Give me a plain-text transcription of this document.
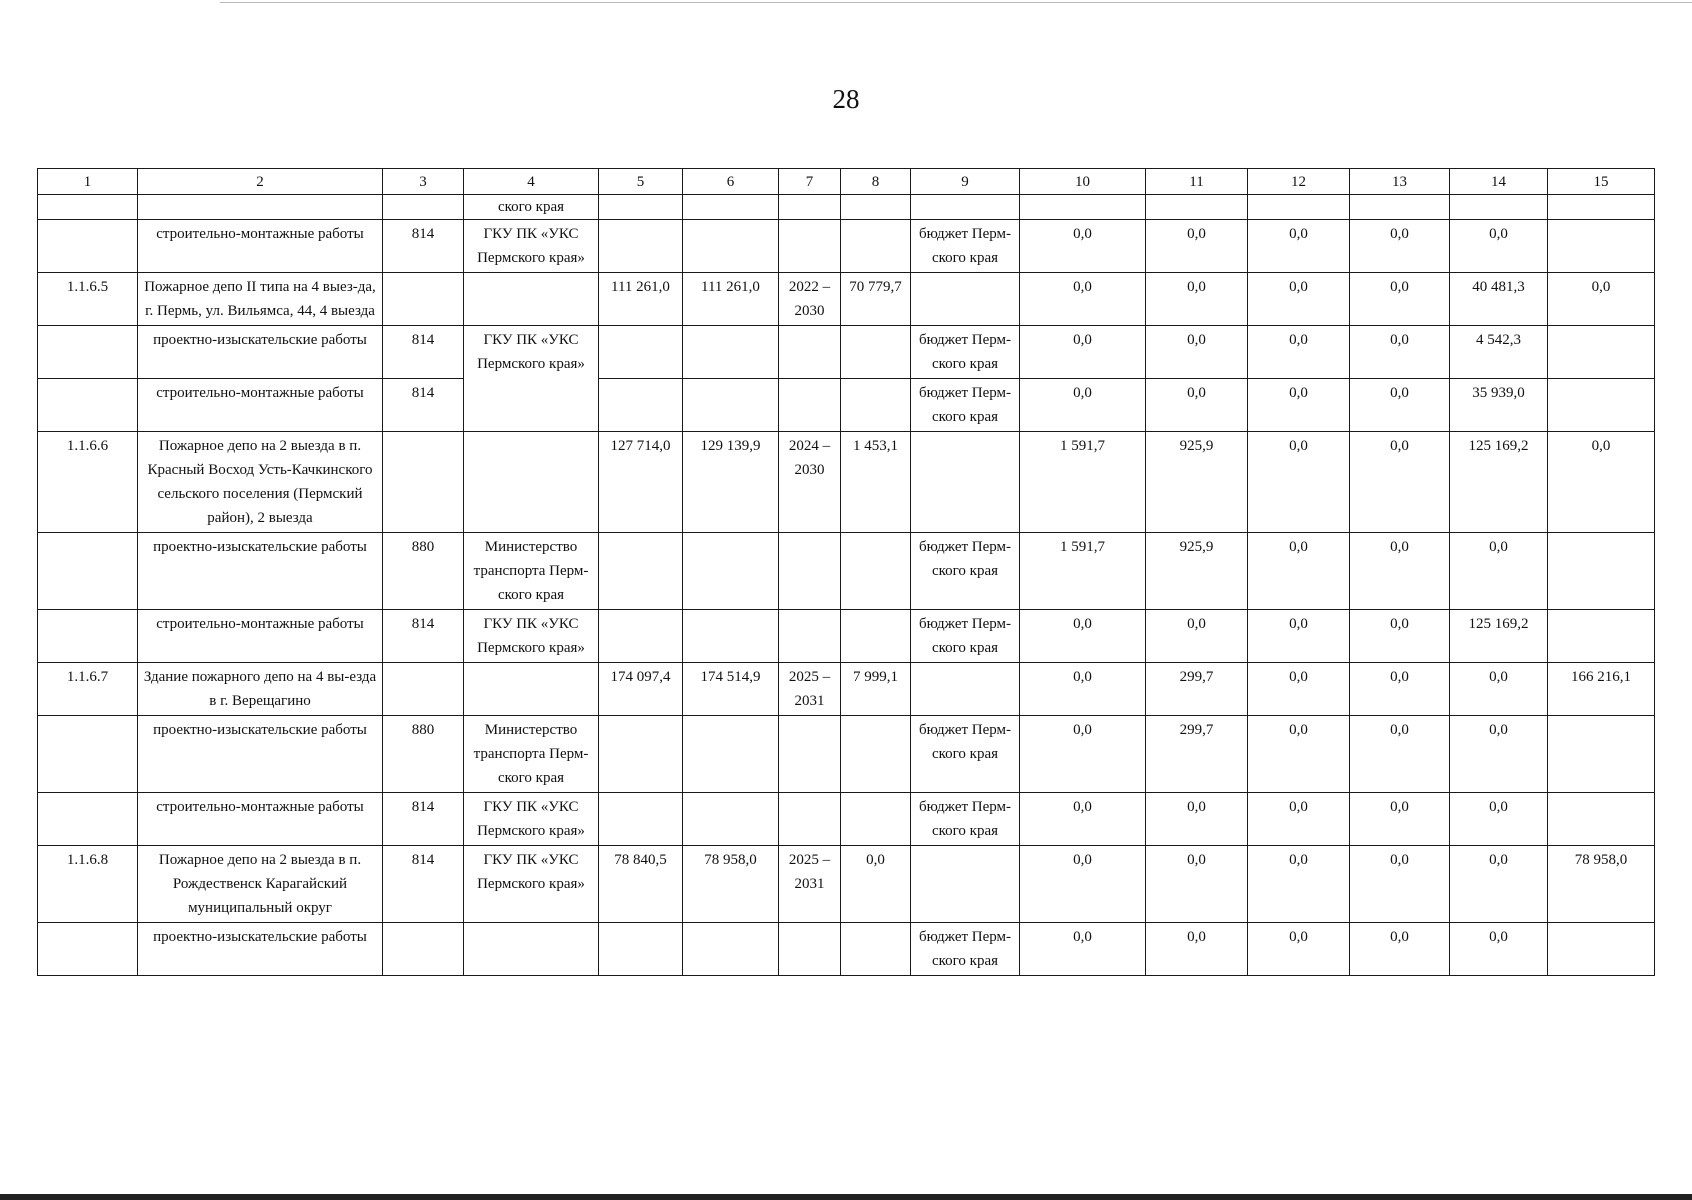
28
1	2	3	4	5	6	7	8	9	10	11	12	13	14	15
			ского края											
	строительно-монтажные работы	814	ГКУ ПК «УКС Пермского края»					бюджет Перм-ского края	0,0	0,0	0,0	0,0	0,0	
1.1.6.5	Пожарное депо II типа на 4 выез-да, г. Пермь, ул. Вильямса, 44, 4 выезда			111 261,0	111 261,0	2022 – 2030	70 779,7		0,0	0,0	0,0	0,0	40 481,3	0,0
	проектно-изыскательские работы	814	ГКУ ПК «УКС Пермского края»					бюджет Перм-ского края	0,0	0,0	0,0	0,0	4 542,3	
	строительно-монтажные работы	814						бюджет Перм-ского края	0,0	0,0	0,0	0,0	35 939,0	
1.1.6.6	Пожарное депо на 2 выезда в п. Красный Восход Усть-Качкинского сельского поселения (Пермский район), 2 выезда			127 714,0	129 139,9	2024 – 2030	1 453,1		1 591,7	925,9	0,0	0,0	125 169,2	0,0
	проектно-изыскательские работы	880	Министерство транспорта Перм-ского края					бюджет Перм-ского края	1 591,7	925,9	0,0	0,0	0,0	
	строительно-монтажные работы	814	ГКУ ПК «УКС Пермского края»					бюджет Перм-ского края	0,0	0,0	0,0	0,0	125 169,2	
1.1.6.7	Здание пожарного депо на 4 вы-езда в г. Верещагино			174 097,4	174 514,9	2025 – 2031	7 999,1		0,0	299,7	0,0	0,0	0,0	166 216,1
	проектно-изыскательские работы	880	Министерство транспорта Перм-ского края					бюджет Перм-ского края	0,0	299,7	0,0	0,0	0,0	
	строительно-монтажные работы	814	ГКУ ПК «УКС Пермского края»					бюджет Перм-ского края	0,0	0,0	0,0	0,0	0,0	
1.1.6.8	Пожарное депо на 2 выезда в п. Рождественск Карагайский муниципальный округ	814	ГКУ ПК «УКС Пермского края»	78 840,5	78 958,0	2025 – 2031	0,0		0,0	0,0	0,0	0,0	0,0	78 958,0
	проектно-изыскательские работы							бюджет Перм-ского края	0,0	0,0	0,0	0,0	0,0	
